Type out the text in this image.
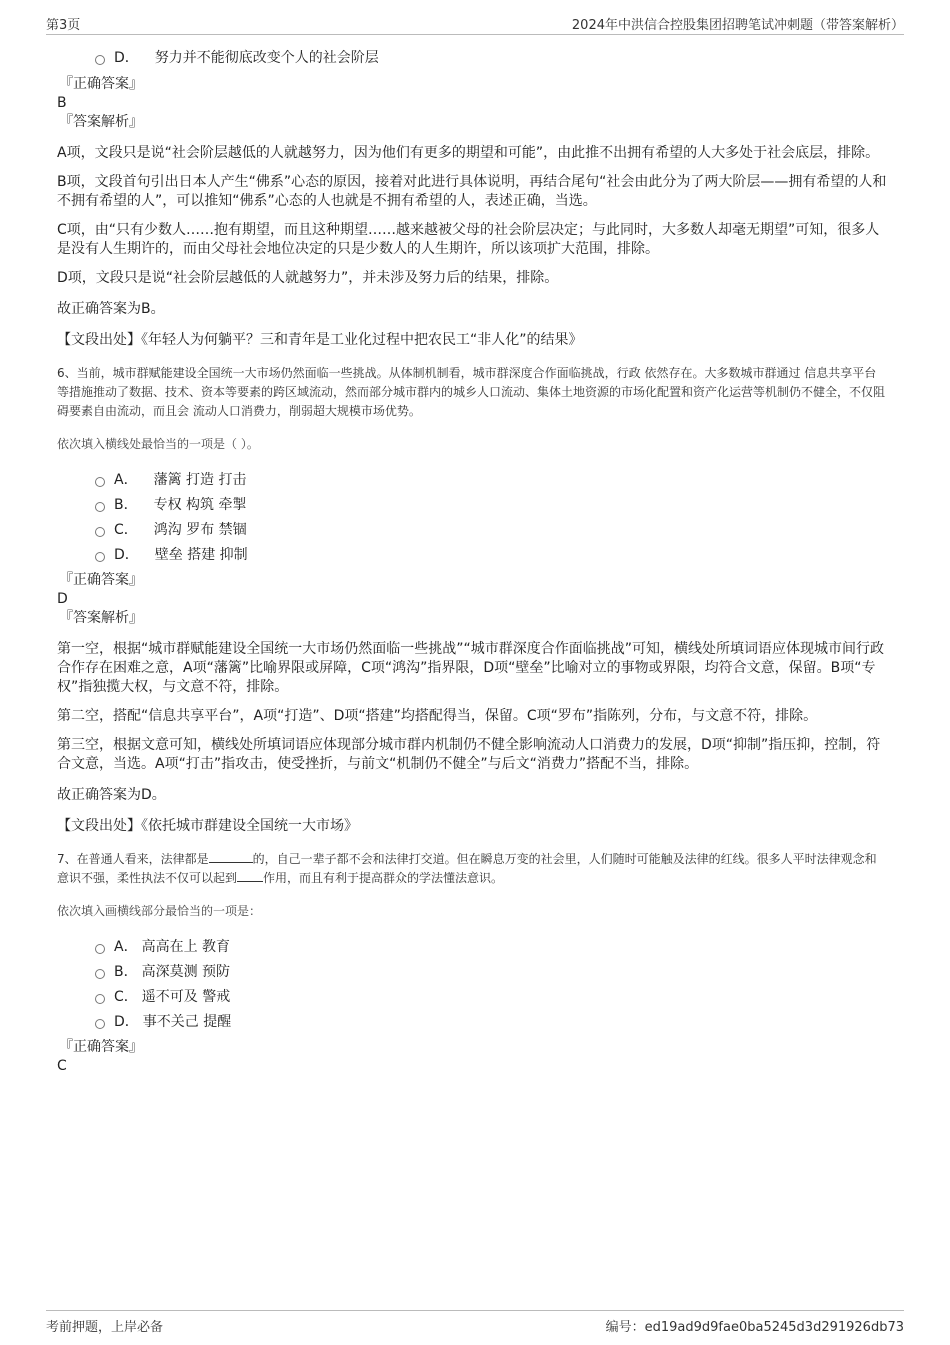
第3页	2024年中洪信合控股集团招聘笔试冲刺题（带答案解析）
D． 努力并不能彻底改变个人的社会阶层
『正确答案』
B
『答案解析』

A项，文段只是说“社会阶层越低的人就越努力，因为他们有更多的期望和可能”，由此推不出拥有希望的人大多处于社会底层，排除。

B项，文段首句引出日本人产生“佛系”心态的原因，接着对此进行具体说明，再结合尾句“社会由此分为了两大阶层——拥有希望的人和不拥有希望的人”，可以推知“佛系”心态的人也就是不拥有希望的人，表述正确，当选。

C项，由“只有少数人……抱有期望，而且这种期望……越来越被父母的社会阶层决定；与此同时，大多数人却毫无期望”可知，很多人是没有人生期许的，而由父母社会地位决定的只是少数人的人生期许，所以该项扩大范围，排除。

D项，文段只是说“社会阶层越低的人就越努力”，并未涉及努力后的结果，排除。

故正确答案为B。

【文段出处】《年轻人为何躺平？三和青年是工业化过程中把农民工“非人化”的结果》

6、当前，城市群赋能建设全国统一大市场仍然面临一些挑战。从体制机制看，城市群深度合作面临挑战，行政 依然存在。大多数城市群通过 信息共享平台等措施推动了数据、技术、资本等要素的跨区域流动，然而部分城市群内的城乡人口流动、集体土地资源的市场化配置和资产化运营等机制仍不健全，不仅阻碍要素自由流动，而且会 流动人口消费力，削弱超大规模市场优势。

依次填入横线处最恰当的一项是（ ）。
A． 藩篱 打造 打击
B． 专权 构筑 牵掣
C． 鸿沟 罗布 禁锢
D． 壁垒 搭建 抑制
『正确答案』
D
『答案解析』

第一空，根据“城市群赋能建设全国统一大市场仍然面临一些挑战”“城市群深度合作面临挑战”可知，横线处所填词语应体现城市间行政合作存在困难之意，A项“藩篱”比喻界限或屏障，C项“鸿沟”指界限，D项“壁垒”比喻对立的事物或界限，均符合文意，保留。B项“专权”指独揽大权，与文意不符，排除。

第二空，搭配“信息共享平台”，A项“打造”、D项“搭建”均搭配得当，保留。C项“罗布”指陈列，分布，与文意不符，排除。

第三空，根据文意可知，横线处所填词语应体现部分城市群内机制仍不健全影响流动人口消费力的发展，D项“抑制”指压抑，控制，符合文意，当选。A项“打击”指攻击，使受挫折，与前文“机制仍不健全”与后文“消费力”搭配不当，排除。

故正确答案为D。

【文段出处】《依托城市群建设全国统一大市场》

7、在普通人看来，法律都是	的，自己一辈子都不会和法律打交道。但在瞬息万变的社会里，人们随时可能触及法律的红线。很多人平时法律观念和意识不强，柔性执法不仅可以起到 作用，而且有利于提高群众的学法懂法意识。

依次填入画横线部分最恰当的一项是：
A． 高高在上 教育
B． 高深莫测 预防
C． 遥不可及 警戒
D． 事不关己 提醒
『正确答案』
C
考前押题，上岸必备	编号：ed19ad9d9fae0ba5245d3d291926db73
